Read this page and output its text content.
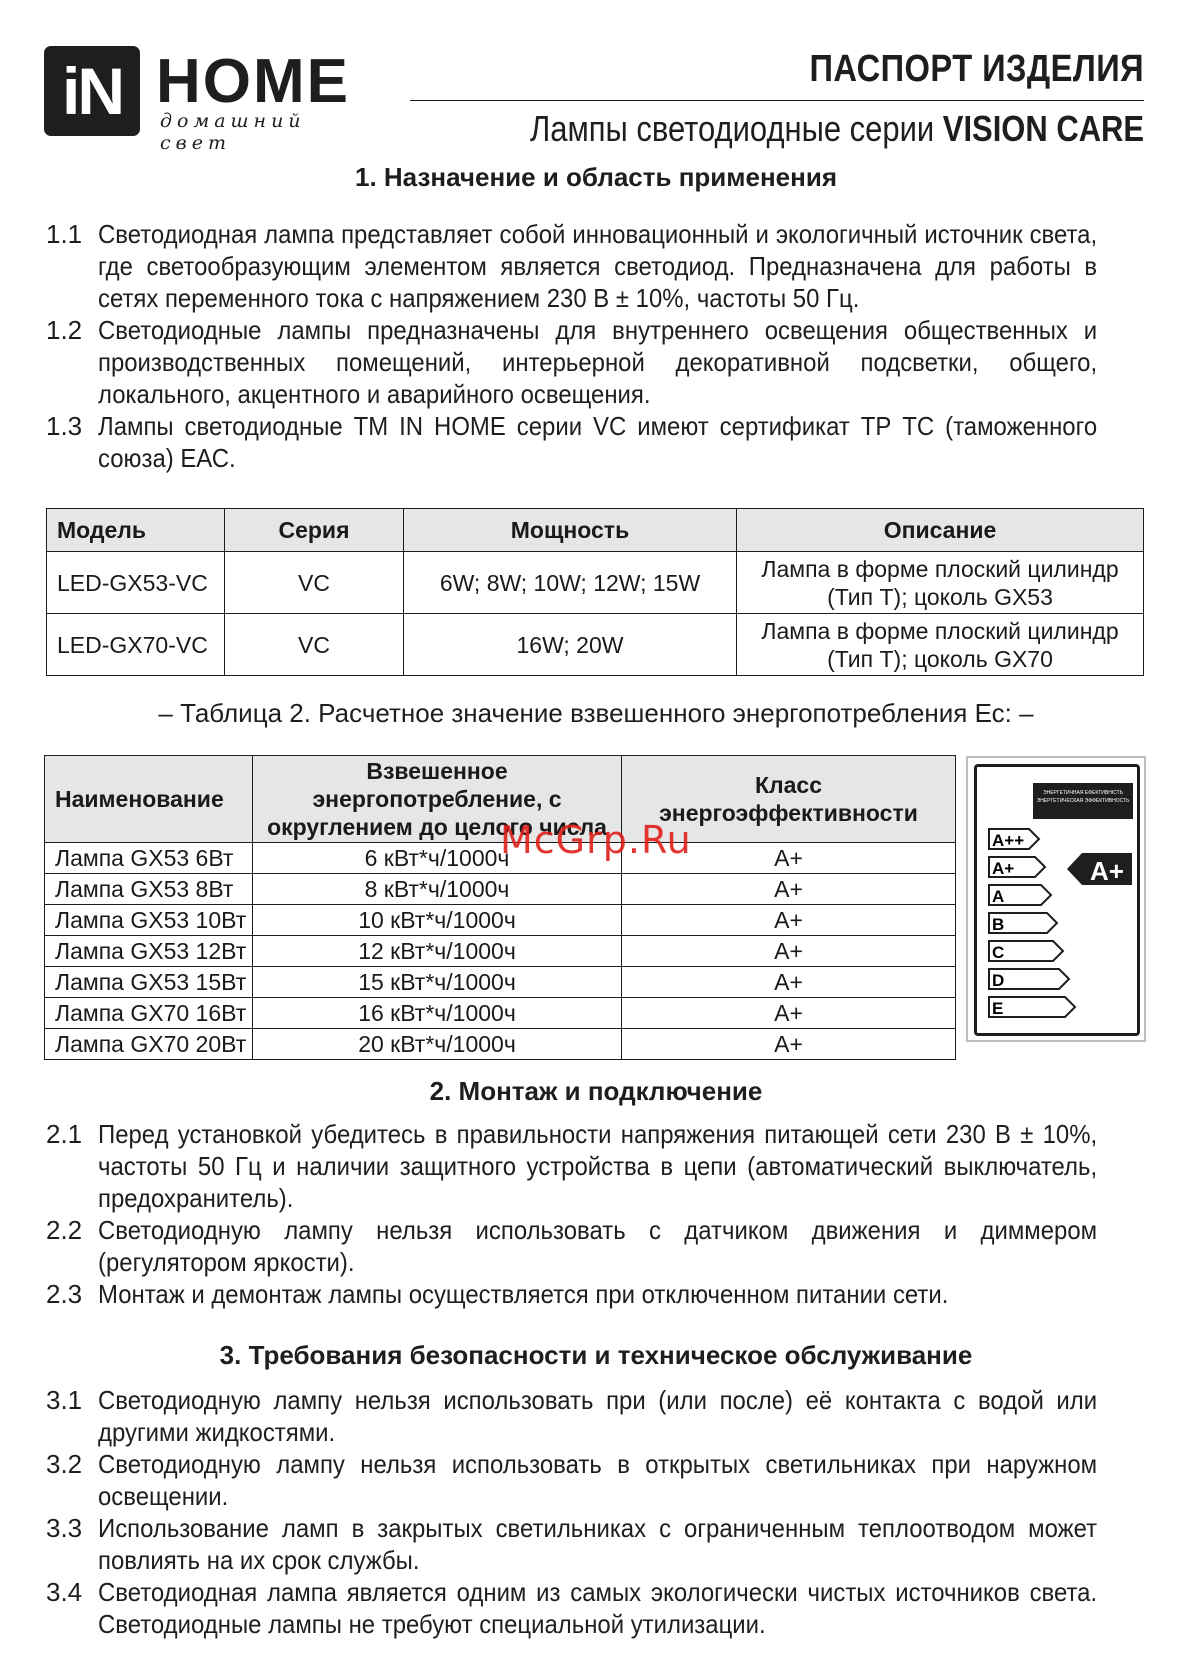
iN HOME
домашний свет
ПАСПОРТ ИЗДЕЛИЯ
Лампы светодиодные серии VISION CARE
1. Назначение и область применения
1.1 Светодиодная лампа представляет собой инновационный и экологичный источник света, где светообразующим элементом является светодиод. Предназначена для работы в сетях переменного тока с напряжением 230 В ± 10%, частоты 50 Гц.
1.2 Светодиодные лампы предназначены для внутреннего освещения общественных и производственных помещений, интерьерной декоративной подсветки, общего, локального, акцентного и аварийного освещения.
1.3 Лампы светодиодные ТМ IN HOME серии VC имеют сертификат ТР ТС (таможенного союза) ЕАС.
Модель	Серия	Мощность	Описание
LED-GX53-VC	VC	6W; 8W; 10W; 12W; 15W	Лампа в форме плоский цилиндр (Тип Т); цоколь GX53
LED-GX70-VC	VC	16W; 20W	Лампа в форме плоский цилиндр (Тип Т); цоколь GX70
– Таблица 2. Расчетное значение взвешенного энергопотребления Ес: –
Наименование	Взвешенное энергопотребление, с округлением до целого числа	Класс энергоэффективности
Лампа GX53 6Вт	6 кВт*ч/1000ч	А+
Лампа GX53 8Вт	8 кВт*ч/1000ч	А+
Лампа GX53 10Вт	10 кВт*ч/1000ч	А+
Лампа GX53 12Вт	12 кВт*ч/1000ч	А+
Лампа GX53 15Вт	15 кВт*ч/1000ч	А+
Лампа GX70 16Вт	16 кВт*ч/1000ч	А+
Лампа GX70 20Вт	20 кВт*ч/1000ч	А+
ЭНЕРГЕТИЧНАЯ ЕФЕКТИВНІСТЬ
ЭНЕРГЕТИЧЕСКАЯ ЭФФЕКТИВНОСТЬ
A++
A+
A
B
C
D
E
A+
McGrp.Ru
2. Монтаж и подключение
2.1 Перед установкой убедитесь в правильности напряжения питающей сети 230 В ± 10%, частоты 50 Гц и наличии защитного устройства в цепи (автоматический выключатель, предохранитель).
2.2 Светодиодную лампу нельзя использовать с датчиком движения и диммером (регулятором яркости).
2.3 Монтаж и демонтаж лампы осуществляется при отключенном питании сети.
3. Требования безопасности и техническое обслуживание
3.1 Светодиодную лампу нельзя использовать при (или после) её контакта с водой или другими жидкостями.
3.2 Светодиодную лампу нельзя использовать в открытых светильниках при наружном освещении.
3.3 Использование ламп в закрытых светильниках с ограниченным теплоотводом может повлиять на их срок службы.
3.4 Светодиодная лампа является одним из самых экологически чистых источников света. Светодиодные лампы не требуют специальной утилизации.
